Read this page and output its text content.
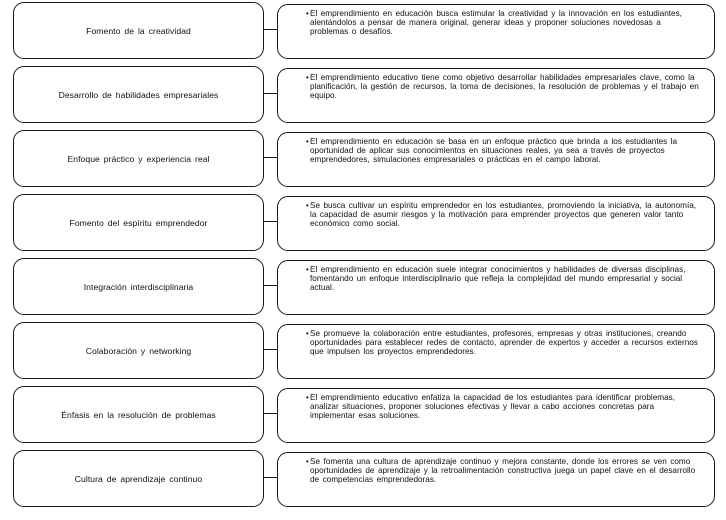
Fomento de la creatividad
• El emprendimiento en educación busca estimular la creatividad y la innovación en los estudiantes, alentándolos a pensar de manera original, generar ideas y proponer soluciones novedosas a problemas o desafíos.
Desarrollo de habilidades empresariales
• El emprendimiento educativo tiene como objetivo desarrollar habilidades empresariales clave, como la planificación, la gestión de recursos, la toma de decisiones, la resolución de problemas y el trabajo en equipo.
Enfoque práctico y experiencia real
• El emprendimiento en educación se basa en un enfoque práctico que brinda a los estudiantes la oportunidad de aplicar sus conocimientos en situaciones reales, ya sea a través de proyectos emprendedores, simulaciones empresariales o prácticas en el campo laboral.
Fomento del espíritu emprendedor
• Se busca cultivar un espíritu emprendedor en los estudiantes, promoviendo la iniciativa, la autonomía, la capacidad de asumir riesgos y la motivación para emprender proyectos que generen valor tanto económico como social.
Integración interdisciplinaria
• El emprendimiento en educación suele integrar conocimientos y habilidades de diversas disciplinas, fomentando un enfoque interdisciplinario que refleja la complejidad del mundo empresarial y social actual.
Colaboración y networking
• Se promueve la colaboración entre estudiantes, profesores, empresas y otras instituciones, creando oportunidades para establecer redes de contacto, aprender de expertos y acceder a recursos externos que impulsen los proyectos emprendedores.
Énfasis en la resolución de problemas
• El emprendimiento educativo enfatiza la capacidad de los estudiantes para identificar problemas, analizar situaciones, proponer soluciones efectivas y llevar a cabo acciones concretas para implementar esas soluciones.
Cultura de aprendizaje continuo
• Se fomenta una cultura de aprendizaje continuo y mejora constante, donde los errores se ven como oportunidades de aprendizaje y la retroalimentación constructiva juega un papel clave en el desarrollo de competencias emprendedoras.
